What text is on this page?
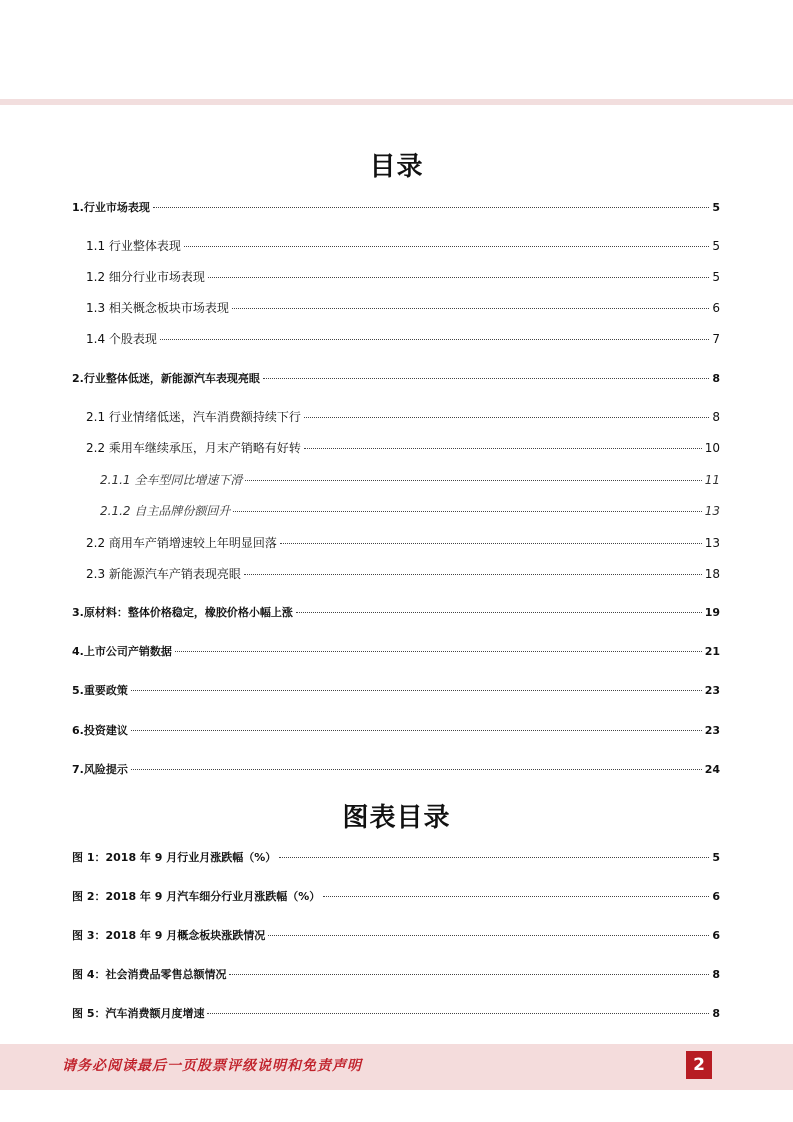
目录
1.行业市场表现	5
1.1 行业整体表现	5
1.2 细分行业市场表现	5
1.3 相关概念板块市场表现	6
1.4 个股表现	7
2.行业整体低迷，新能源汽车表现亮眼	8
2.1 行业情绪低迷，汽车消费额持续下行	8
2.2 乘用车继续承压，月末产销略有好转	10
2.1.1 全车型同比增速下滑	11
2.1.2 自主品牌份额回升	13
2.2 商用车产销增速较上年明显回落	13
2.3 新能源汽车产销表现亮眼	18
3.原材料：整体价格稳定，橡胶价格小幅上涨	19
4.上市公司产销数据	21
5.重要政策	23
6.投资建议	23
7.风险提示	24
图表目录
图 1：2018 年 9 月行业月涨跌幅（%）	5
图 2：2018 年 9 月汽车细分行业月涨跌幅（%）	6
图 3：2018 年 9 月概念板块涨跌情况	6
图 4：社会消费品零售总额情况	8
图 5：汽车消费额月度增速	8
请务必阅读最后一页股票评级说明和免责声明	2
